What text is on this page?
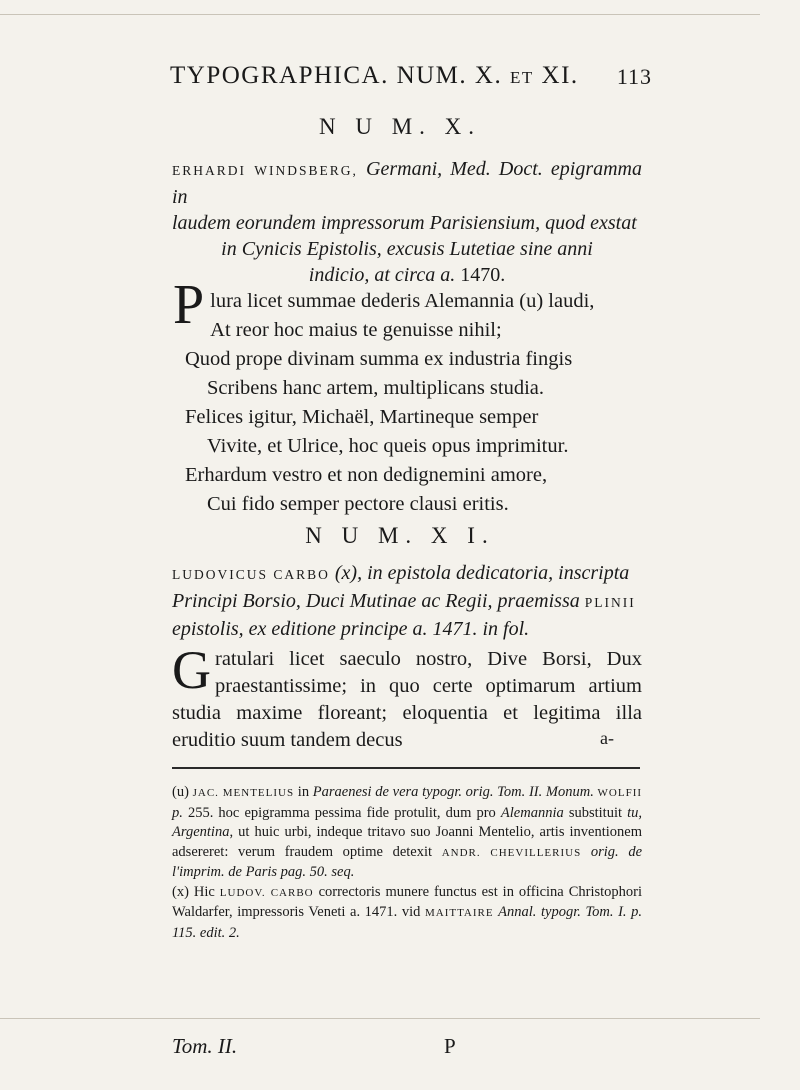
TYPOGRAPHICA. NUM. X. ET XI.	113
N U M. X.
ERHARDI WINDSBERG, Germani, Med. Doct. epigramma in
laudem eorundem impressorum Parisiensium, quod exstat

in Cynicis Epistolis, excusis Lutetiae sine anni
indicio, at circa a. 1470.
Plura licet summae dederis Alemannia (u) laudi,
At reor hoc maius te genuisse nihil;
Quod prope divinam summa ex industria fingis
Scribens hanc artem, multiplicans studia.
Felices igitur, Michaël, Martineque semper
Vivite, et Ulrice, hoc queis opus imprimitur.
Erhardum vestro et non dedignemini amore,
Cui fido semper pectore clausi eritis.
N U M. X I.
LUDOVICUS CARBO (x), in epistola dedicatoria, inscripta
Principi Borsio, Duci Mutinae ac Regii, praemissa PLINII
epistolis, ex editione principe a. 1471. in fol.
G ratulari licet saeculo nostro, Dive Borsi, Dux praestantissime; in quo certe optimarum artium studia maxime floreant; eloquentia et legitima illa eruditio suum tandem decus	a-
(u) JAC. MENTELIUS in Paraenesi de vera typogr. orig. Tom. II. Monum. WOLFII p. 255. hoc epigramma pessima fide protulit, dum pro Alemannia substituit tu, Argentina, ut huic urbi, indeque tritavo suo Joanni Mentelio, artis inventionem adsereret: verum fraudem optime detexit ANDR. CHEVILLERIUS orig. de l'imprim. de Paris pag. 50. seq.
(x) Hic LUDOV. CARBO correctoris munere functus est in officina Christophori Waldarfer, impressoris Veneti a. 1471. vid MAITTAIRE Annal. typogr. Tom. I. p. 115. edit. 2.
Tom. II.	P
